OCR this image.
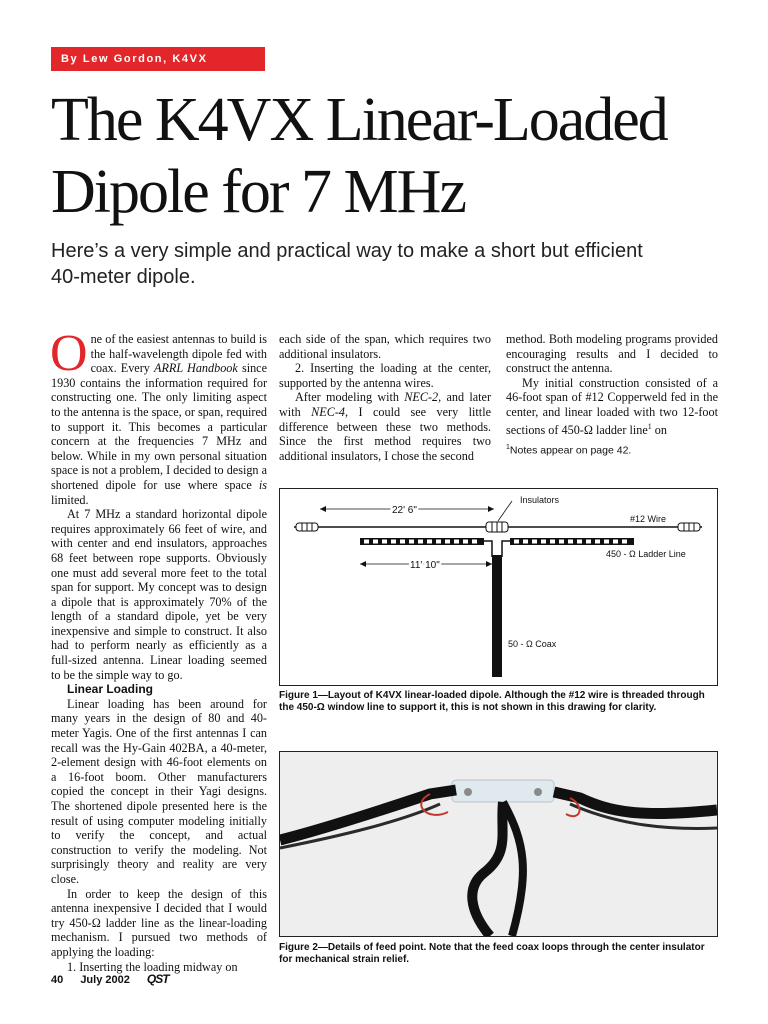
By Lew Gordon, K4VX
The K4VX Linear-Loaded
Dipole for 7 MHz
Here’s a very simple and practical way to make a short but efficient 40-meter dipole.

One of the easiest antennas to build is the half-wavelength dipole fed with coax. Every ARRL Handbook since 1930 contains the information required for constructing one. The only limiting aspect to the antenna is the space, or span, required to support it. This becomes a particular concern at the frequencies 7 MHz and below. While in my own personal situation space is not a problem, I decided to design a shortened dipole for use where space is limited.

At 7 MHz a standard horizontal dipole requires approximately 66 feet of wire, and with center and end insulators, approaches 68 feet between rope supports. Obviously one must add several more feet to the total span for support. My concept was to design a dipole that is approximately 70% of the length of a standard dipole, yet be very inexpensive and simple to construct. It also had to perform nearly as efficiently as a full-sized antenna. Linear loading seemed to be the simple way to go.

Linear Loading

Linear loading has been around for many years in the design of 80 and 40-meter Yagis. One of the first antennas I can recall was the Hy-Gain 402BA, a 40-meter, 2-element design with 46-foot elements on a 16-foot boom. Other manufacturers copied the concept in their Yagi designs. The shortened dipole presented here is the result of using computer modeling initially to verify the concept, and actual construction to verify the modeling. Not surprisingly theory and reality are very close.

In order to keep the design of this antenna inexpensive I decided that I would try 450-Ω ladder line as the linear-loading mechanism. I pursued two methods of applying the loading:

1. Inserting the loading midway on

each side of the span, which requires two additional insulators.

2. Inserting the loading at the center, supported by the antenna wires.

After modeling with NEC-2, and later with NEC-4, I could see very little difference between these two methods. Since the first method requires two additional insulators, I chose the second

method. Both modeling programs provided encouraging results and I decided to construct the antenna.

My initial construction consisted of a 46-foot span of #12 Copperweld fed in the center, and linear loaded with two 12-foot sections of 450-Ω ladder line$^1$ on

$^1$Notes appear on page 42.
22' 6"
Insulators
#12 Wire
11' 10"
450 - Ω Ladder Line
50 - Ω Coax
Figure 1—Layout of K4VX linear-loaded dipole. Although the #12 wire is threaded through the 450-Ω window line to support it, this is not shown in this drawing for clarity.
Figure 2—Details of feed point. Note that the feed coax loops through the center insulator for mechanical strain relief.
40 July 2002 QST
